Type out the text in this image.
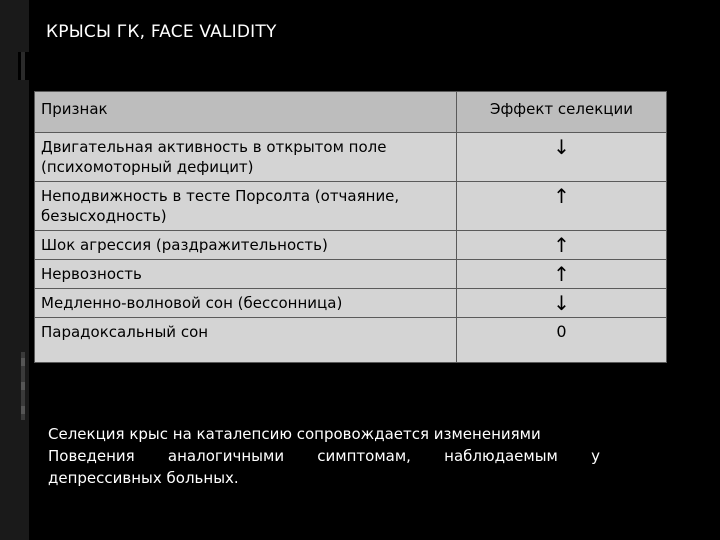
КРЫСЫ ГК, FACE VALIDITY
Признак	Эффект селекции
Двигательная активность в открытом поле (психомоторный дефицит)	↓
Неподвижность в тесте Порсолта (отчаяние, безысходность)	↑
Шок агрессия (раздражительность)	↑
Нервозность	↑
Медленно-волновой сон (бессонница)	↓
Парадоксальный сон	0
Селекция крыс на каталепсию сопровождается изменениями
Поведения аналогичными симптомам, наблюдаемым у
депрессивных больных.
